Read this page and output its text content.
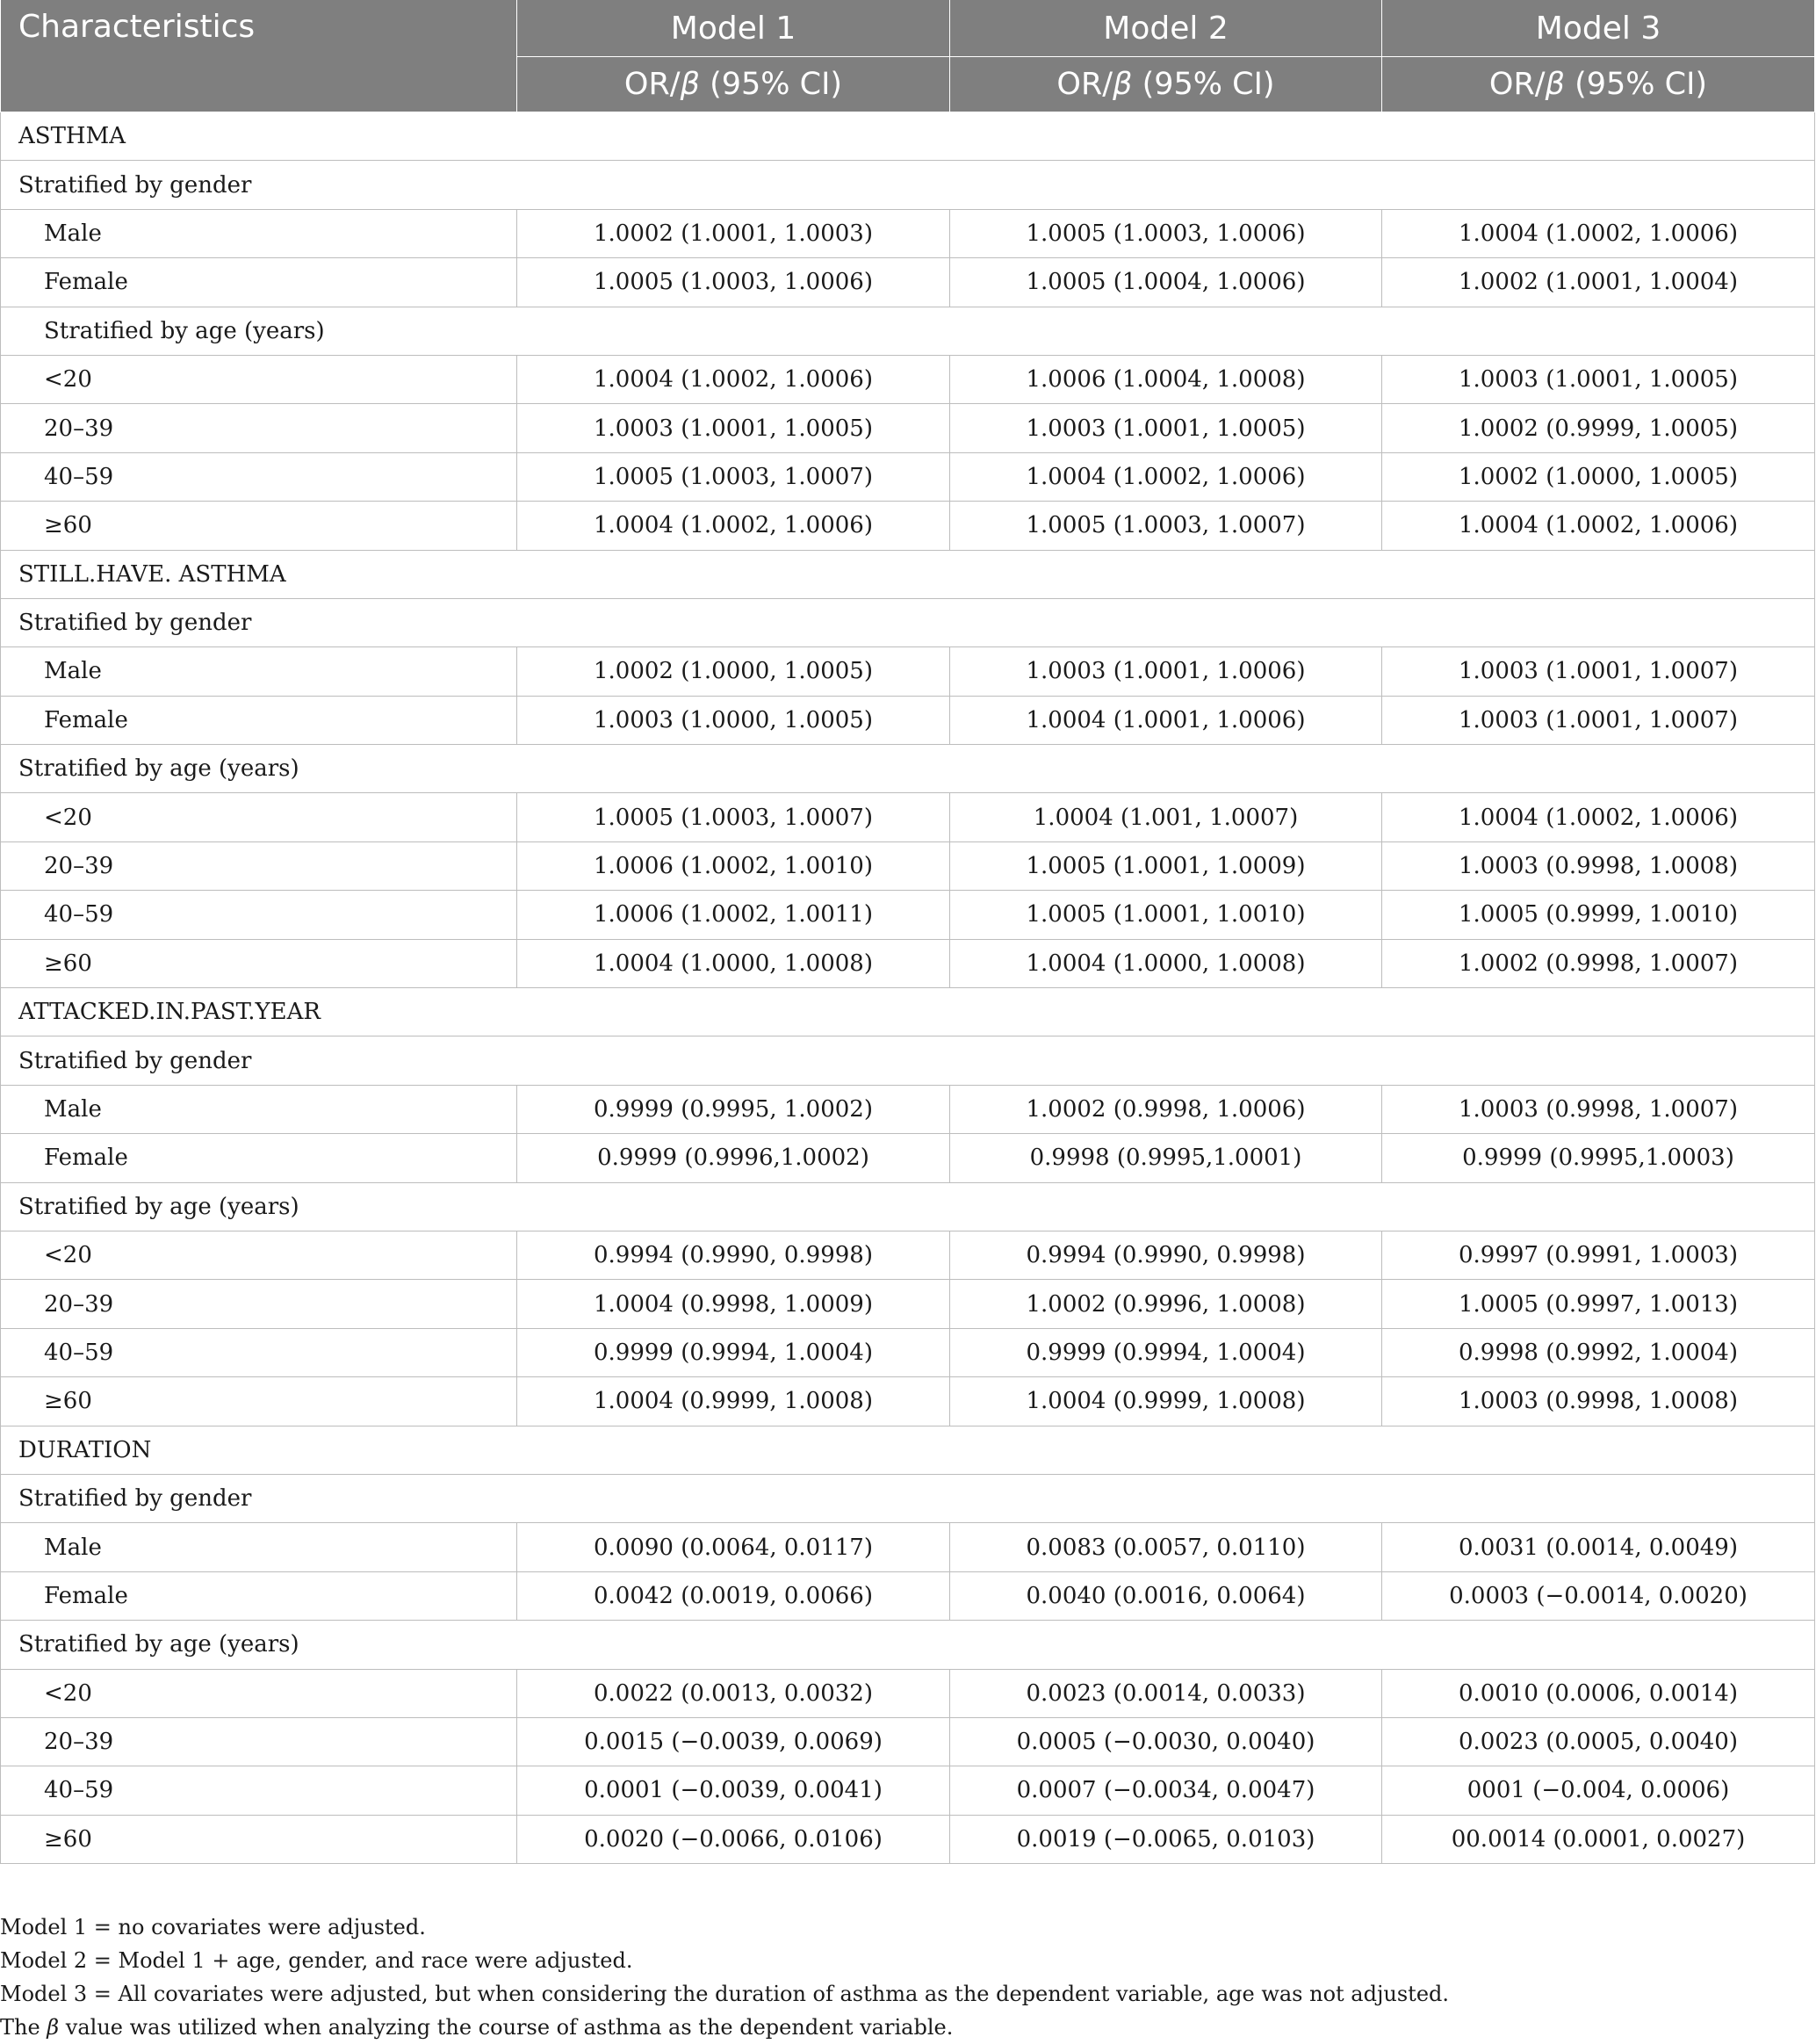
Characteristics	Model 1	Model 2	Model 3
	OR/β (95% CI)	OR/β (95% CI)	OR/β (95% CI)
ASTHMA			
Stratified by gender			
Male	1.0002 (1.0001, 1.0003)	1.0005 (1.0003, 1.0006)	1.0004 (1.0002, 1.0006)
Female	1.0005 (1.0003, 1.0006)	1.0005 (1.0004, 1.0006)	1.0002 (1.0001, 1.0004)
Stratified by age (years)			
<20	1.0004 (1.0002, 1.0006)	1.0006 (1.0004, 1.0008)	1.0003 (1.0001, 1.0005)
20–39	1.0003 (1.0001, 1.0005)	1.0003 (1.0001, 1.0005)	1.0002 (0.9999, 1.0005)
40–59	1.0005 (1.0003, 1.0007)	1.0004 (1.0002, 1.0006)	1.0002 (1.0000, 1.0005)
≥60	1.0004 (1.0002, 1.0006)	1.0005 (1.0003, 1.0007)	1.0004 (1.0002, 1.0006)
STILL.HAVE. ASTHMA			
Stratified by gender			
Male	1.0002 (1.0000, 1.0005)	1.0003 (1.0001, 1.0006)	1.0003 (1.0001, 1.0007)
Female	1.0003 (1.0000, 1.0005)	1.0004 (1.0001, 1.0006)	1.0003 (1.0001, 1.0007)
Stratified by age (years)			
<20	1.0005 (1.0003, 1.0007)	1.0004 (1.001, 1.0007)	1.0004 (1.0002, 1.0006)
20–39	1.0006 (1.0002, 1.0010)	1.0005 (1.0001, 1.0009)	1.0003 (0.9998, 1.0008)
40–59	1.0006 (1.0002, 1.0011)	1.0005 (1.0001, 1.0010)	1.0005 (0.9999, 1.0010)
≥60	1.0004 (1.0000, 1.0008)	1.0004 (1.0000, 1.0008)	1.0002 (0.9998, 1.0007)
ATTACKED.IN.PAST.YEAR			
Stratified by gender			
Male	0.9999 (0.9995, 1.0002)	1.0002 (0.9998, 1.0006)	1.0003 (0.9998, 1.0007)
Female	0.9999 (0.9996,1.0002)	0.9998 (0.9995,1.0001)	0.9999 (0.9995,1.0003)
Stratified by age (years)			
<20	0.9994 (0.9990, 0.9998)	0.9994 (0.9990, 0.9998)	0.9997 (0.9991, 1.0003)
20–39	1.0004 (0.9998, 1.0009)	1.0002 (0.9996, 1.0008)	1.0005 (0.9997, 1.0013)
40–59	0.9999 (0.9994, 1.0004)	0.9999 (0.9994, 1.0004)	0.9998 (0.9992, 1.0004)
≥60	1.0004 (0.9999, 1.0008)	1.0004 (0.9999, 1.0008)	1.0003 (0.9998, 1.0008)
DURATION			
Stratified by gender			
Male	0.0090 (0.0064, 0.0117)	0.0083 (0.0057, 0.0110)	0.0031 (0.0014, 0.0049)
Female	0.0042 (0.0019, 0.0066)	0.0040 (0.0016, 0.0064)	0.0003 (−0.0014, 0.0020)
Stratified by age (years)			
<20	0.0022 (0.0013, 0.0032)	0.0023 (0.0014, 0.0033)	0.0010 (0.0006, 0.0014)
20–39	0.0015 (−0.0039, 0.0069)	0.0005 (−0.0030, 0.0040)	0.0023 (0.0005, 0.0040)
40–59	0.0001 (−0.0039, 0.0041)	0.0007 (−0.0034, 0.0047)	0001 (−0.004, 0.0006)
≥60	0.0020 (−0.0066, 0.0106)	0.0019 (−0.0065, 0.0103)	00.0014 (0.0001, 0.0027)
Model 1 = no covariates were adjusted.
Model 2 = Model 1 + age, gender, and race were adjusted.
Model 3 = All covariates were adjusted, but when considering the duration of asthma as the dependent variable, age was not adjusted.
The β value was utilized when analyzing the course of asthma as the dependent variable.
